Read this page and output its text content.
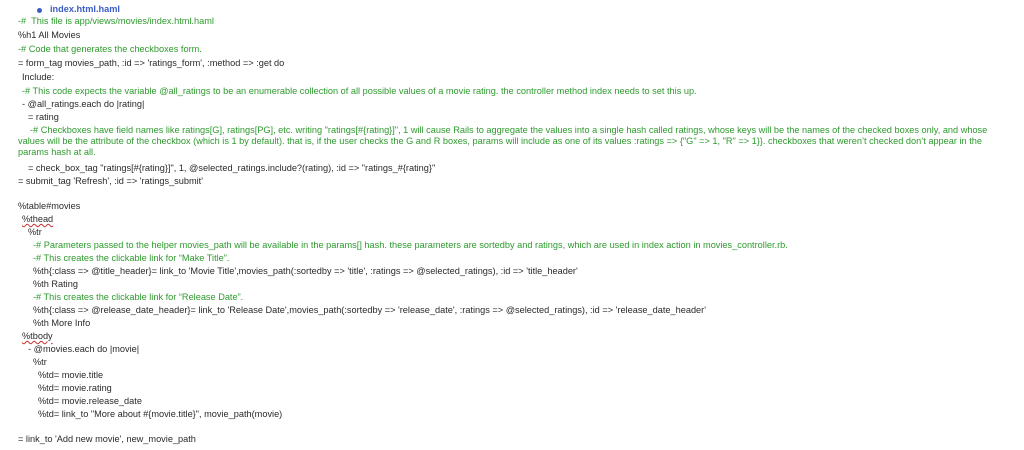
index.html.haml
-#  This file is app/views/movies/index.html.haml
%h1 All Movies
-# Code that generates the checkboxes form.
= form_tag movies_path, :id => 'ratings_form', :method => :get do
Include:
-# This code expects the variable @all_ratings to be an enumerable collection of all possible values of a movie rating. the controller method index needs to set this up.
- @all_ratings.each do |rating|
= rating
-# Checkboxes have field names like ratings[G], ratings[PG], etc. writing "ratings[#{rating}]", 1 will cause Rails to aggregate the values into a single hash called ratings, whose keys will be the names of the checked boxes only, and whose values will be the attribute of the checkbox (which is 1 by default). that is, if the user checks the G and R boxes, params will include as one of its values :ratings => {"G" => 1, "R" => 1}}. checkboxes that weren’t checked don’t appear in the params hash at all.
= check_box_tag "ratings[#{rating}]", 1, @selected_ratings.include?(rating), :id => "ratings_#{rating}"
= submit_tag 'Refresh', :id => 'ratings_submit'
%table#movies
%thead
%tr
-# Parameters passed to the helper movies_path will be available in the params[] hash. these parameters are sortedby and ratings, which are used in index action in movies_controller.rb.
-# This creates the clickable link for “Make Title”.
%th{:class => @title_header}= link_to 'Movie Title',movies_path(:sortedby => 'title', :ratings => @selected_ratings), :id => 'title_header'
%th Rating
-# This creates the clickable link for “Release Date”.
%th{:class => @release_date_header}= link_to 'Release Date',movies_path(:sortedby => 'release_date', :ratings => @selected_ratings), :id => 'release_date_header'
%th More Info
%tbody
- @movies.each do |movie|
%tr
%td= movie.title
%td= movie.rating
%td= movie.release_date
%td= link_to "More about #{movie.title}", movie_path(movie)
= link_to 'Add new movie', new_movie_path
